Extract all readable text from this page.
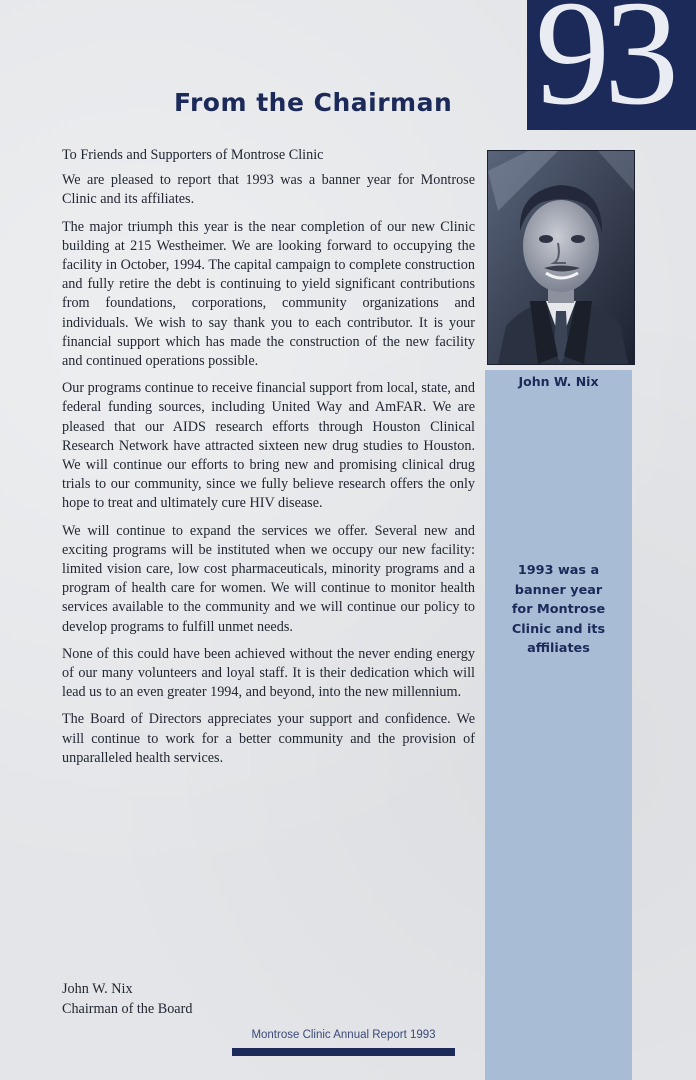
93
From the Chairman

To Friends and Supporters of Montrose Clinic

We are pleased to report that 1993 was a banner year for Montrose Clinic and its affiliates.

The major triumph this year is the near completion of our new Clinic building at 215 Westheimer. We are looking forward to occupying the facility in October, 1994. The capital campaign to complete construction and fully retire the debt is continuing to yield significant contributions from foundations, corporations, community organizations and individuals. We wish to say thank you to each contributor. It is your financial support which has made the construction of the new facility and continued operations possible.

Our programs continue to receive financial support from local, state, and federal funding sources, including United Way and AmFAR. We are pleased that our AIDS research efforts through Houston Clinical Research Network have attracted sixteen new drug studies to Houston. We will continue our efforts to bring new and promising clinical drug trials to our community, since we fully believe research offers the only hope to treat and ultimately cure HIV disease.

We will continue to expand the services we offer. Several new and exciting programs will be instituted when we occupy our new facility: limited vision care, low cost pharmaceuticals, minority programs and a program of health care for women. We will continue to monitor health services available to the community and we will continue our policy to develop programs to fulfill unmet needs.

None of this could have been achieved without the never ending energy of our many volunteers and loyal staff. It is their dedication which will lead us to an even greater 1994, and beyond, into the new millennium.

The Board of Directors appreciates your support and confidence. We will continue to work for a better community and the provision of unparalleled health services.

John W. Nix
Chairman of the Board
John W. Nix
1993 was a
banner year
for Montrose
Clinic and its
affiliates
Montrose Clinic Annual Report 1993
